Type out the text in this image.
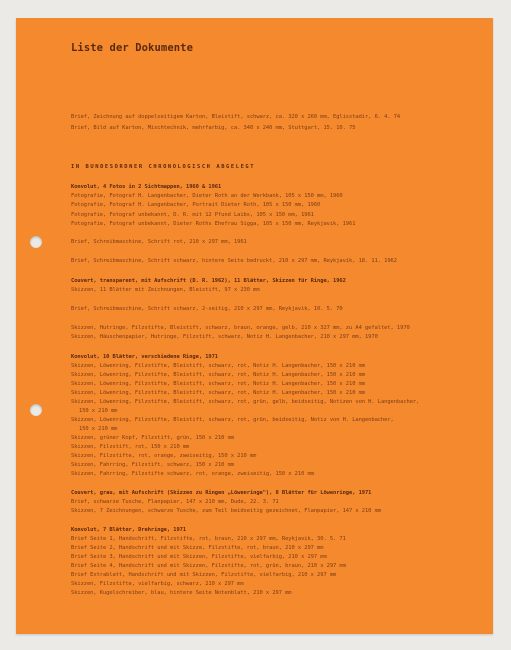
Liste der Dokumente
Brief, Zeichnung auf doppelseitigem Karton, Bleistift, schwarz, ca. 320 x 260 mm, Eglisstadir, 6. 4. 74
Brief, Bild auf Karton, Mischtechnik, mehrfarbig, ca. 340 x 240 mm, Stuttgart, 15. 10. 75
IN BUNDESORDNER CHRONOLOGISCH ABGELEGT
Konvolut, 4 Fotos in 2 Sichtmappen, 1960 & 1961
Fotografie, Fotograf H. Langenbacher, Dieter Roth an der Werkbank, 105 x 150 mm, 1960
Fotografie, Fotograf H. Langenbacher, Portrait Dieter Roth, 105 x 150 mm, 1960
Fotografie, Fotograf unbekannt, D. R. mit 12 Pfund Laibs, 105 x 150 mm, 1961
Fotografie, Fotograf unbekannt, Dieter Roths Ehefrau Sigga, 105 x 150 mm, Reykjavik, 1961
Brief, Schreibmaschine, Schrift rot, 210 x 297 mm, 1961
Brief, Schreibmaschine, Schrift schwarz, hintere Seite bedruckt, 210 x 297 mm, Reykjavik, 18. 11. 1962
Couvert, transparent, mit Aufschrift (D. R. 1962), 11 Blätter, Skizzen für Ringe, 1962
Skizzen, 11 Blätter mit Zeichnungen, Bleistift, 97 x 230 mm
Brief, Schreibmaschine, Schrift schwarz, 2-seitig, 210 x 297 mm, Reykjavik, 10. 5. 70
Skizzen, Hutringe, Filzstifte, Bleistift, schwarz, braun, orange, gelb, 210 x 327 mm, zu A4 gefaltet, 1970
Skizzen, Häuschenpapier, Hutringe, Filzstift, schwarz, Notiz H. Langenbacher, 210 x 297 mm, 1970
Konvolut, 10 Blätter, verschiedene Ringe, 1971
Skizzen, Löwenring, Filzstifte, Bleistift, schwarz, rot, Notiz H. Langenbacher, 150 x 210 mm
Skizzen, Löwenring, Filzstifte, Bleistift, schwarz, rot, Notiz H. Langenbacher, 150 x 210 mm
Skizzen, Löwenring, Filzstifte, Bleistift, schwarz, rot, Notiz H. Langenbacher, 150 x 210 mm
Skizzen, Löwenring, Filzstifte, Bleistift, schwarz, rot, Notiz H. Langenbacher, 150 x 210 mm
Skizzen, Löwenring, Filzstifte, Bleistift, schwarz, rot, grün, gelb, beidseitig, Notizen von H. Langenbacher,
150 x 210 mm
Skizzen, Löwenring, Filzstifte, Bleistift, schwarz, rot, grün, beidseitig, Notiz von H. Langenbacher,
150 x 210 mm
Skizzen, grüner Kopf, Filzstift, grün, 150 x 210 mm
Skizzen, Filzstift, rot, 150 x 210 mm
Skizzen, Filzstifte, rot, orange, zweiseitig, 150 x 210 mm
Skizzen, Fahrring, Filzstift, schwarz, 150 x 210 mm
Skizzen, Fahrring, Filzstifte schwarz, rot, orange, zweiseitig, 150 x 210 mm
Couvert, grau, mit Aufschrift (Skizzen zu Ringen „Löwenringe"), 8 Blätter für Löwenringe, 1971
Brief, schwarze Tusche, Flanpapier, 147 x 210 mm, Dude, 22. 3. 71
Skizzen, 7 Zeichnungen, schwarze Tusche, zum Teil beidseitig gezeichnet, Flanpapier, 147 x 210 mm
Konvolut, 7 Blätter, Drehringe, 1971
Brief Seite 1, Handschrift, Filzstifte, rot, braun, 210 x 297 mm, Reykjavik, 30. 5. 71
Brief Seite 2, Handschrift und mit Skizze, Filzstifte, rot, braun, 210 x 297 mm
Brief Seite 3, Handschrift und mit Skizzen, Filzstifte, vielfarbig, 210 x 297 mm
Brief Seite 4, Handschrift und mit Skizzen, Filzstifte, rot, grün, braun, 210 x 297 mm
Brief Extrablatt, Handschrift und mit Skizzen, Filzstifte, vielfarbig, 210 x 297 mm
Skizzen, Filzstifte, vielfarbig, schwarz, 210 x 297 mm
Skizzen, Kugelschreiber, blau, hintere Seite Notenblatt, 210 x 297 mm
